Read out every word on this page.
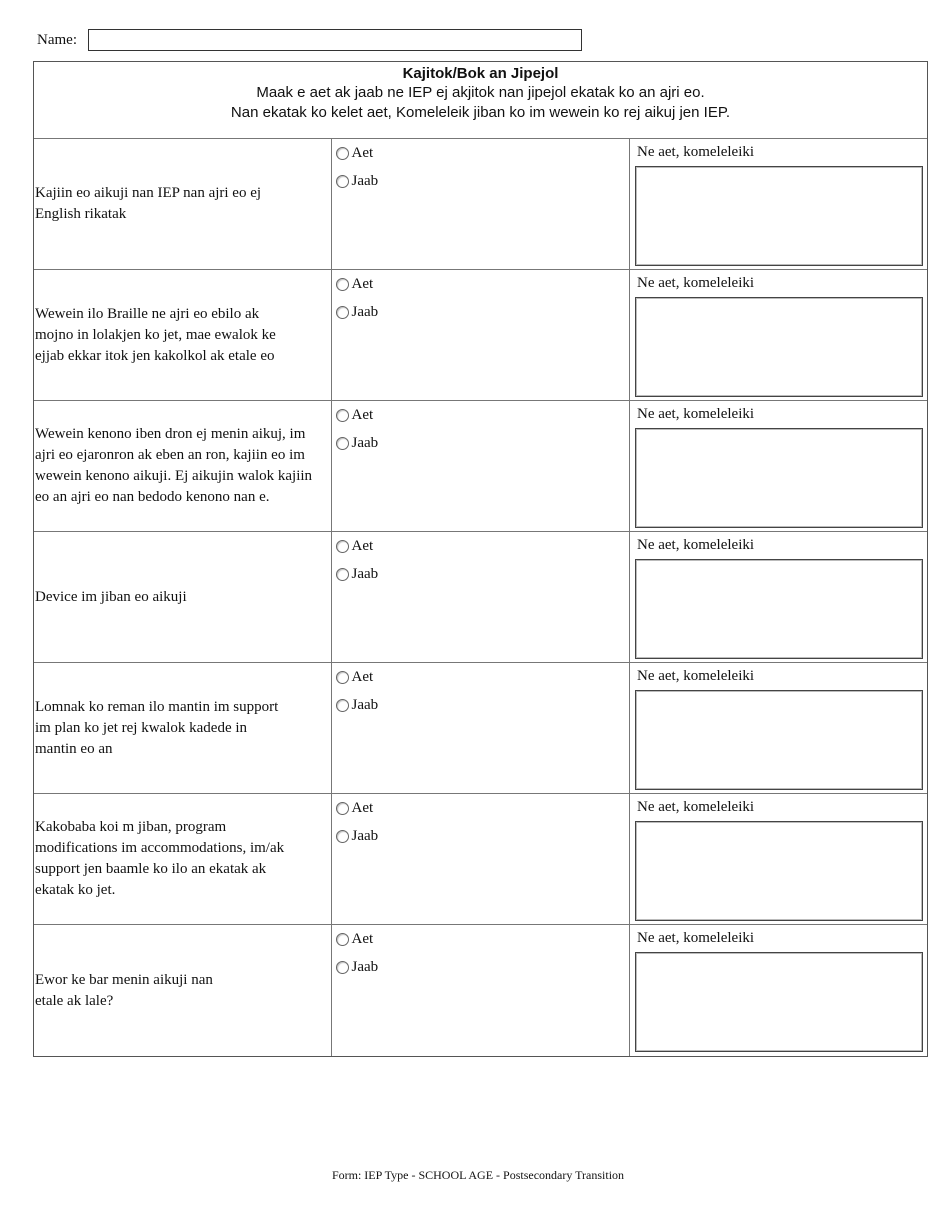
Name:
Kajitok/Bok an Jipejol
Maak e aet ak jaab ne IEP ej akjitok nan jipejol ekatak ko an ajri eo.
Nan ekatak ko kelet aet, Komeleleik jiban ko im wewein ko rej aikuj jen IEP.
Kajiin eo aikuji nan IEP nan ajri eo ej
English rikatak
Aet
Jaab
Ne aet, komeleleiki
Wewein ilo Braille ne ajri eo ebilo ak
mojno in lolakjen ko jet, mae ewalok ke
ejjab ekkar itok jen kakolkol ak etale eo
Aet
Jaab
Ne aet, komeleleiki
Wewein kenono iben dron ej menin aikuj, im
ajri eo ejaronron ak eben an ron, kajiin eo im
wewein kenono aikuji. Ej aikujin walok kajiin
eo an ajri eo nan bedodo kenono nan e.
Aet
Jaab
Ne aet, komeleleiki
Device im jiban eo aikuji
Aet
Jaab
Ne aet, komeleleiki
Lomnak ko reman ilo mantin im support
im plan ko jet rej kwalok kadede in
mantin eo an
Aet
Jaab
Ne aet, komeleleiki
Kakobaba koi m jiban, program
modifications im accommodations, im/ak
support jen baamle ko ilo an ekatak ak
ekatak ko jet.
Aet
Jaab
Ne aet, komeleleiki
Ewor ke bar menin aikuji nan
etale ak lale?
Aet
Jaab
Ne aet, komeleleiki
Form: IEP Type - SCHOOL AGE - Postsecondary Transition
